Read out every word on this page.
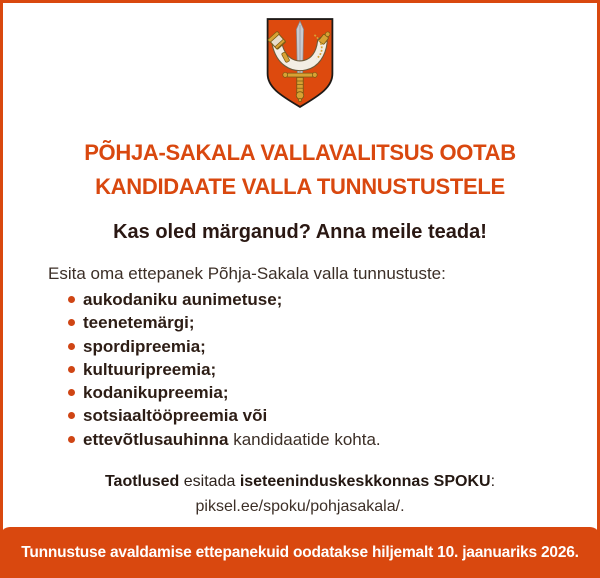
PÕHJA-SAKALA VALLAVALITSUS OOTAB
KANDIDAATE VALLA TUNNUSTUSTELE
Kas oled märganud? Anna meile teada!

Esita oma ettepanek Põhja-Sakala valla tunnustuste:

aukodaniku aunimetuse;
teenetemärgi;
spordipreemia;
kultuuripreemia;
kodanikupreemia;
sotsiaaltööpreemia või
ettevõtlusauhinna kandidaatide kohta.

Taotlused esitada iseteeninduskeskkonnas SPOKU:
piksel.ee/spoku/pohjasakala/.

Tunnustuse avaldamise ettepanekuid oodatakse hiljemalt 10. jaanuariks 2026.
